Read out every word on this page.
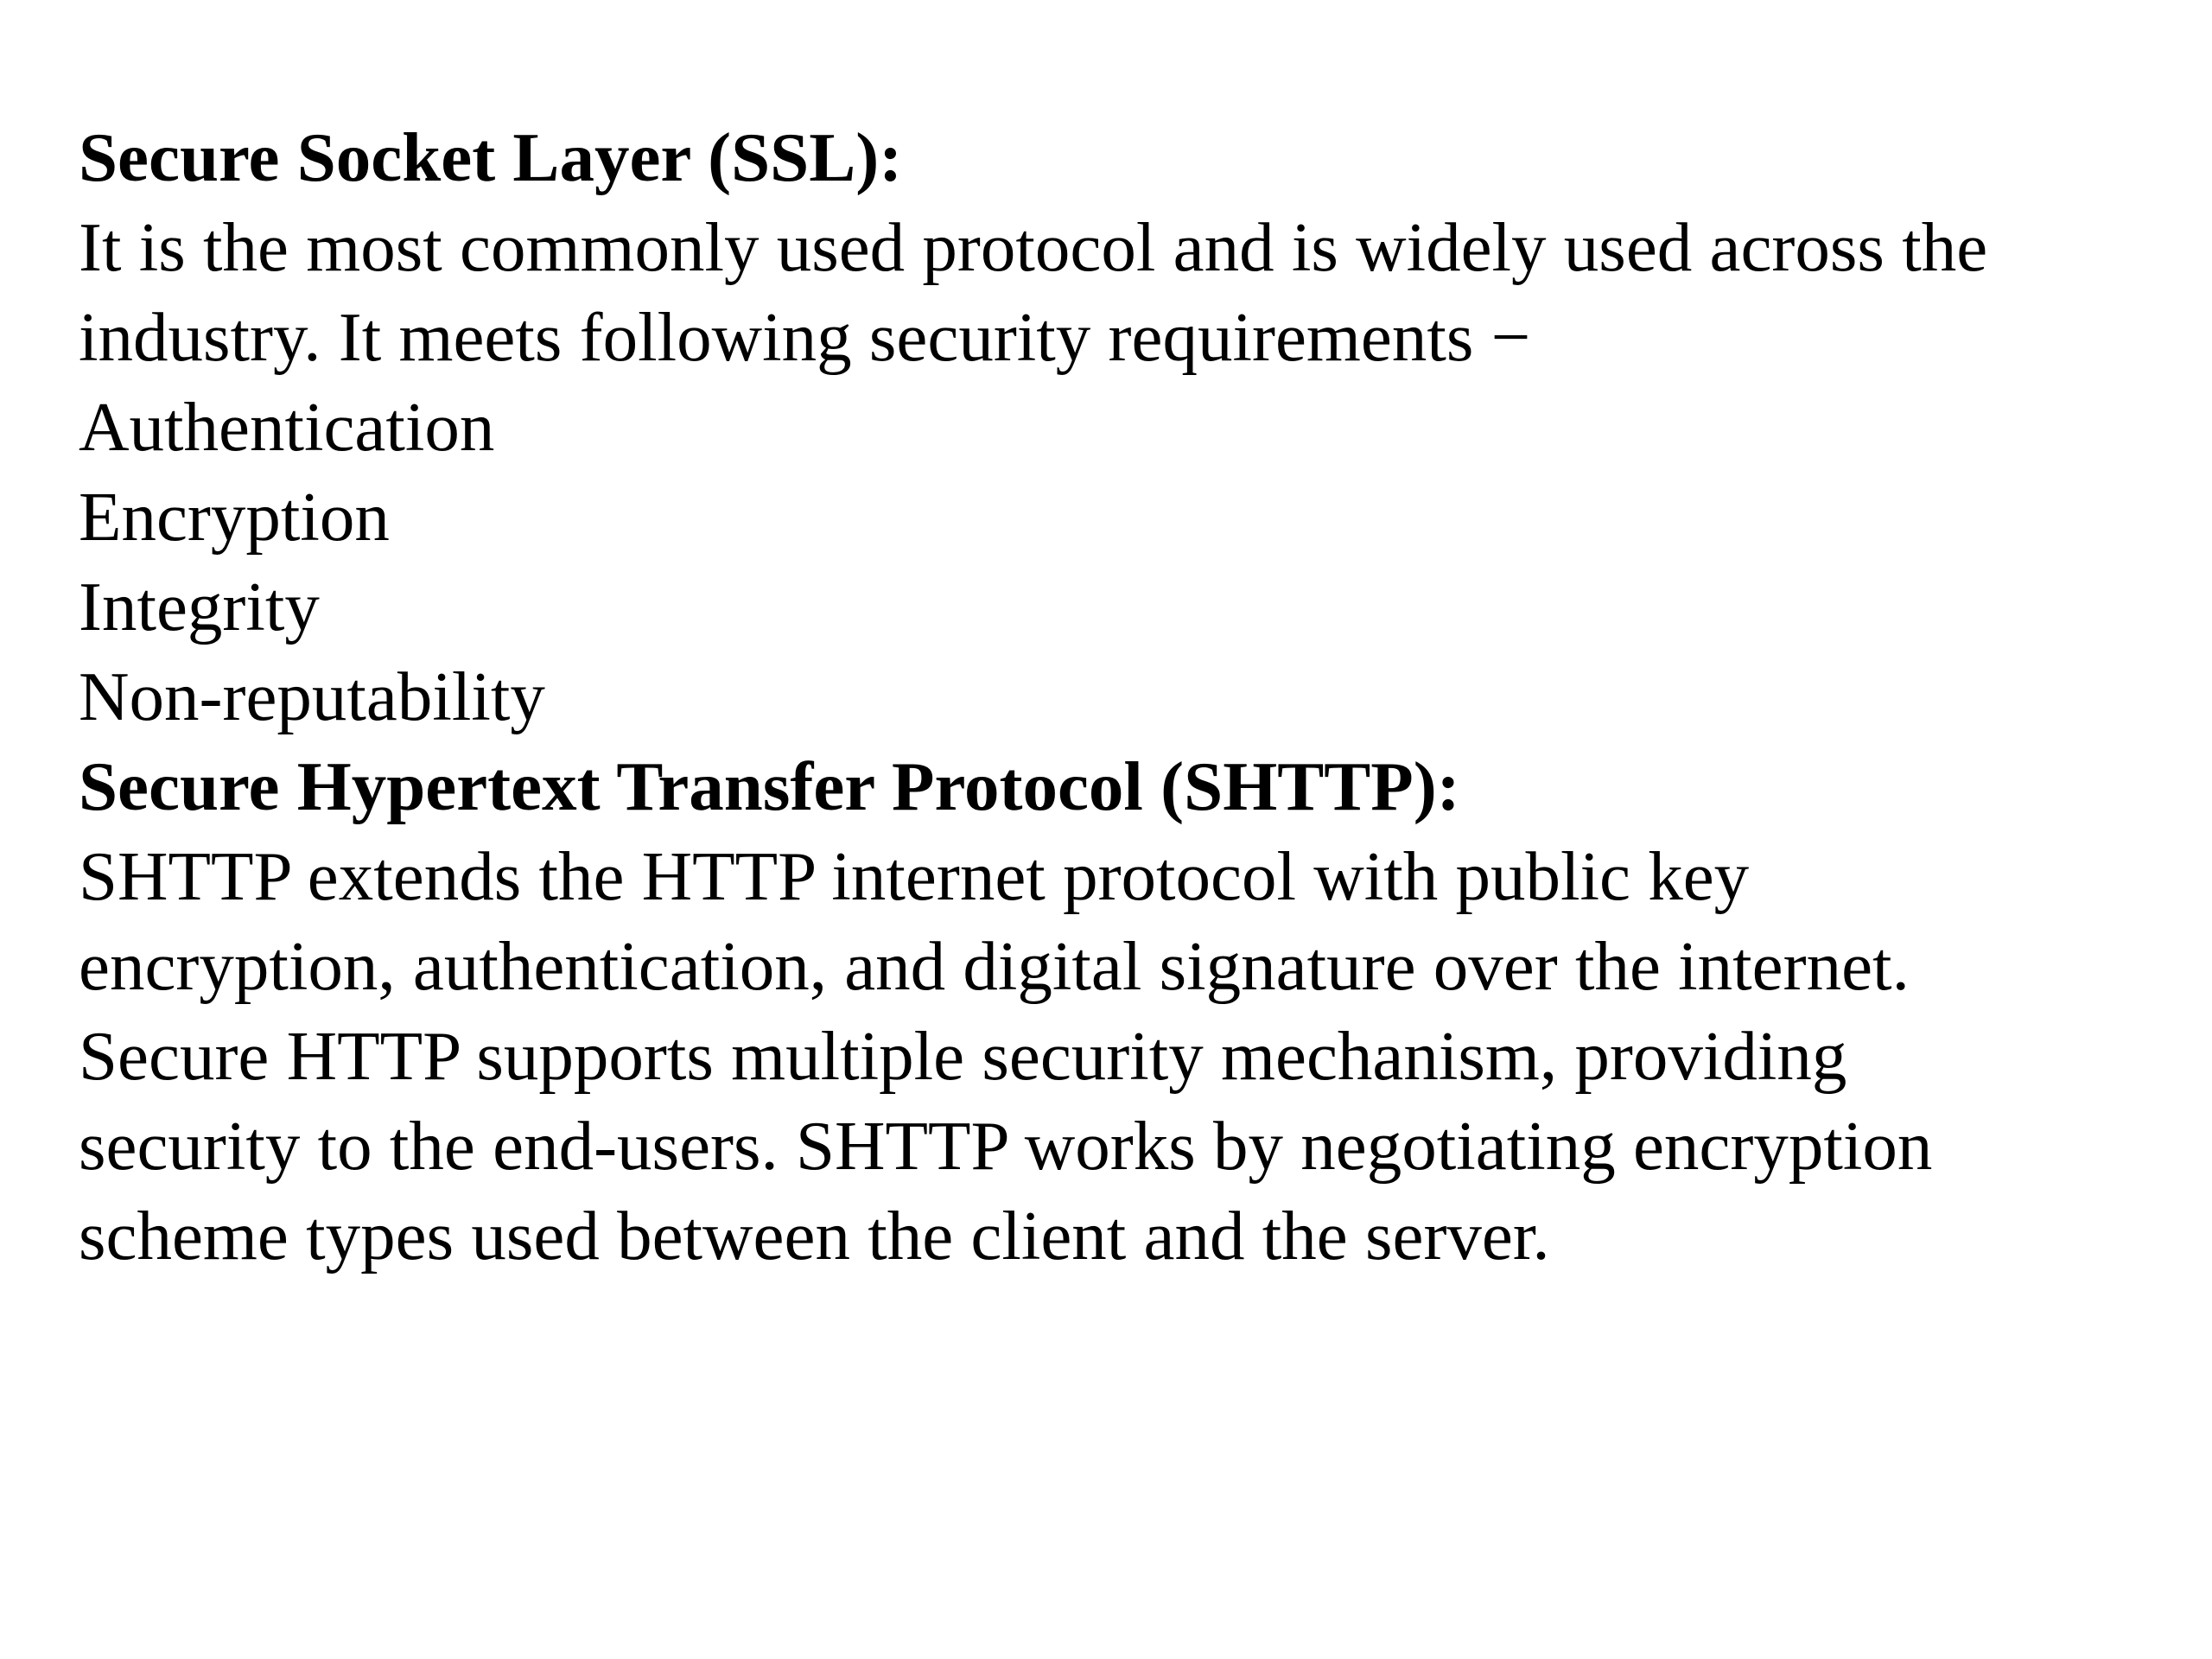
Secure Socket Layer (SSL):
It is the most commonly used protocol and is widely used across the
industry. It meets following security requirements −
Authentication
Encryption
Integrity
Non-reputability
Secure Hypertext Transfer Protocol (SHTTP):
SHTTP extends the HTTP internet protocol with public key
encryption, authentication, and digital signature over the internet.
Secure HTTP supports multiple security mechanism, providing
security to the end-users. SHTTP works by negotiating encryption
scheme types used between the client and the server.
